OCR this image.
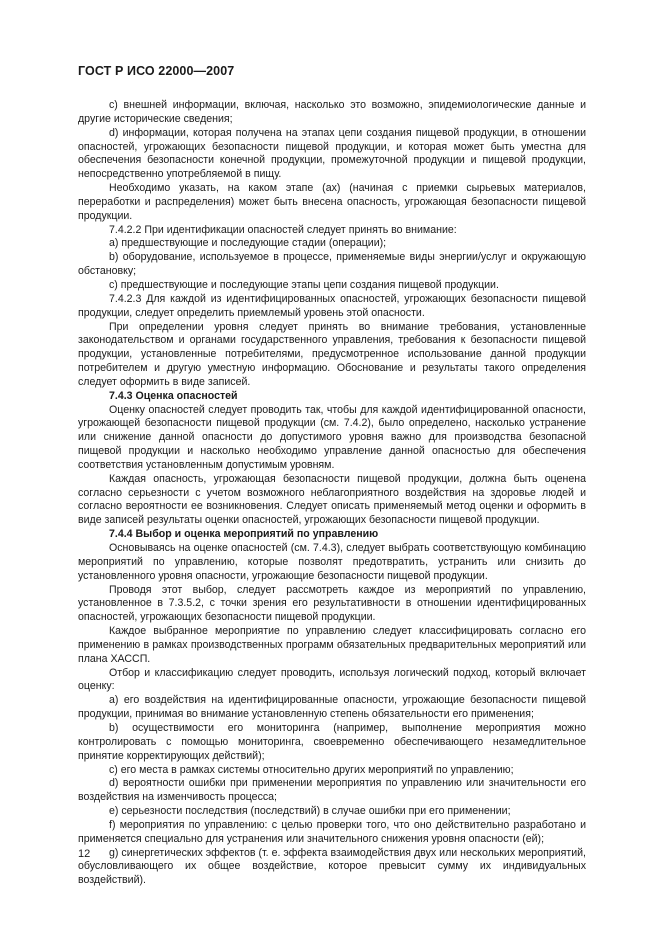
ГОСТ Р ИСО 22000—2007

c) внешней информации, включая, насколько это возможно, эпидемиологические данные и другие исторические сведения;

d) информации, которая получена на этапах цепи создания пищевой продукции, в отношении опасностей, угрожающих безопасности пищевой продукции, и которая может быть уместна для обеспечения безопасности конечной продукции, промежуточной продукции и пищевой продукции, непосредственно употребляемой в пищу.

Необходимо указать, на каком этапе (ах) (начиная с приемки сырьевых материалов, переработки и распределения) может быть внесена опасность, угрожающая безопасности пищевой продукции.

7.4.2.2 При идентификации опасностей следует принять во внимание:

a) предшествующие и последующие стадии (операции);

b) оборудование, используемое в процессе, применяемые виды энергии/услуг и окружающую обстановку;

c) предшествующие и последующие этапы цепи создания пищевой продукции.

7.4.2.3 Для каждой из идентифицированных опасностей, угрожающих безопасности пищевой продукции, следует определить приемлемый уровень этой опасности.

При определении уровня следует принять во внимание требования, установленные законодательством и органами государственного управления, требования к безопасности пищевой продукции, установленные потребителями, предусмотренное использование данной продукции потребителем и другую уместную информацию. Обоснование и результаты такого определения следует оформить в виде записей.

7.4.3 Оценка опасностей

Оценку опасностей следует проводить так, чтобы для каждой идентифицированной опасности, угрожающей безопасности пищевой продукции (см. 7.4.2), было определено, насколько устранение или снижение данной опасности до допустимого уровня важно для производства безопасной пищевой продукции и насколько необходимо управление данной опасностью для обеспечения соответствия установленным допустимым уровням.

Каждая опасность, угрожающая безопасности пищевой продукции, должна быть оценена согласно серьезности с учетом возможного неблагоприятного воздействия на здоровье людей и согласно вероятности ее возникновения. Следует описать применяемый метод оценки и оформить в виде записей результаты оценки опасностей, угрожающих безопасности пищевой продукции.

7.4.4 Выбор и оценка мероприятий по управлению

Основываясь на оценке опасностей (см. 7.4.3), следует выбрать соответствующую комбинацию мероприятий по управлению, которые позволят предотвратить, устранить или снизить до установленного уровня опасности, угрожающие безопасности пищевой продукции.

Проводя этот выбор, следует рассмотреть каждое из мероприятий по управлению, установленное в 7.3.5.2, с точки зрения его результативности в отношении идентифицированных опасностей, угрожающих безопасности пищевой продукции.

Каждое выбранное мероприятие по управлению следует классифицировать согласно его применению в рамках производственных программ обязательных предварительных мероприятий или плана ХАССП.

Отбор и классификацию следует проводить, используя логический подход, который включает оценку:

a) его воздействия на идентифицированные опасности, угрожающие безопасности пищевой продукции, принимая во внимание установленную степень обязательности его применения;

b) осуществимости его мониторинга (например, выполнение мероприятия можно контролировать с помощью мониторинга, своевременно обеспечивающего незамедлительное принятие корректирующих действий);

c) его места в рамках системы относительно других мероприятий по управлению;

d) вероятности ошибки при применении мероприятия по управлению или значительности его воздействия на изменчивость процесса;

e) серьезности последствия (последствий) в случае ошибки при его применении;

f) мероприятия по управлению: с целью проверки того, что оно действительно разработано и применяется специально для устранения или значительного снижения уровня опасности (ей);

g) синергетических эффектов (т. е. эффекта взаимодействия двух или нескольких мероприятий, обусловливающего их общее воздействие, которое превысит сумму их индивидуальных воздействий).

12
